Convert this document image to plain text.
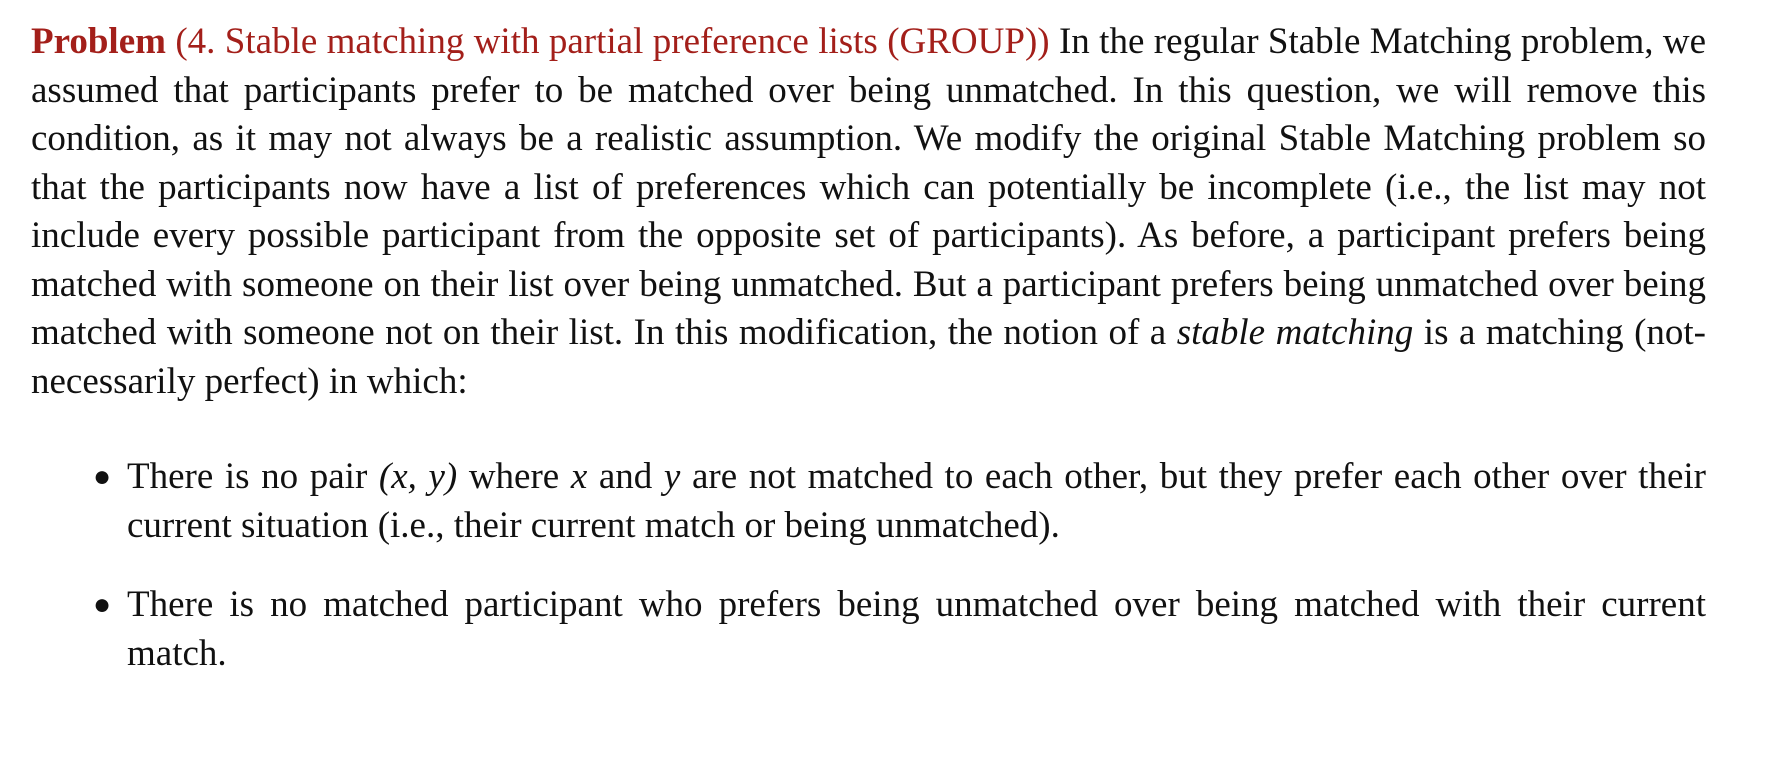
Problem (4. Stable matching with partial preference lists (GROUP)) In the regular Stable Matching problem, we assumed that participants prefer to be matched over being unmatched. In this question, we will remove this condition, as it may not always be a realistic assumption. We modify the original Stable Matching problem so that the participants now have a list of preferences which can potentially be incomplete (i.e., the list may not include every possible participant from the opposite set of participants). As before, a participant prefers being matched with someone on their list over being unmatched. But a participant prefers being unmatched over being matched with someone not on their list. In this modification, the notion of a stable matching is a matching (not-necessarily perfect) in which:

● There is no pair (x, y) where x and y are not matched to each other, but they prefer each other over their current situation (i.e., their current match or being unmatched).
● There is no matched participant who prefers being unmatched over being matched with their current match.
